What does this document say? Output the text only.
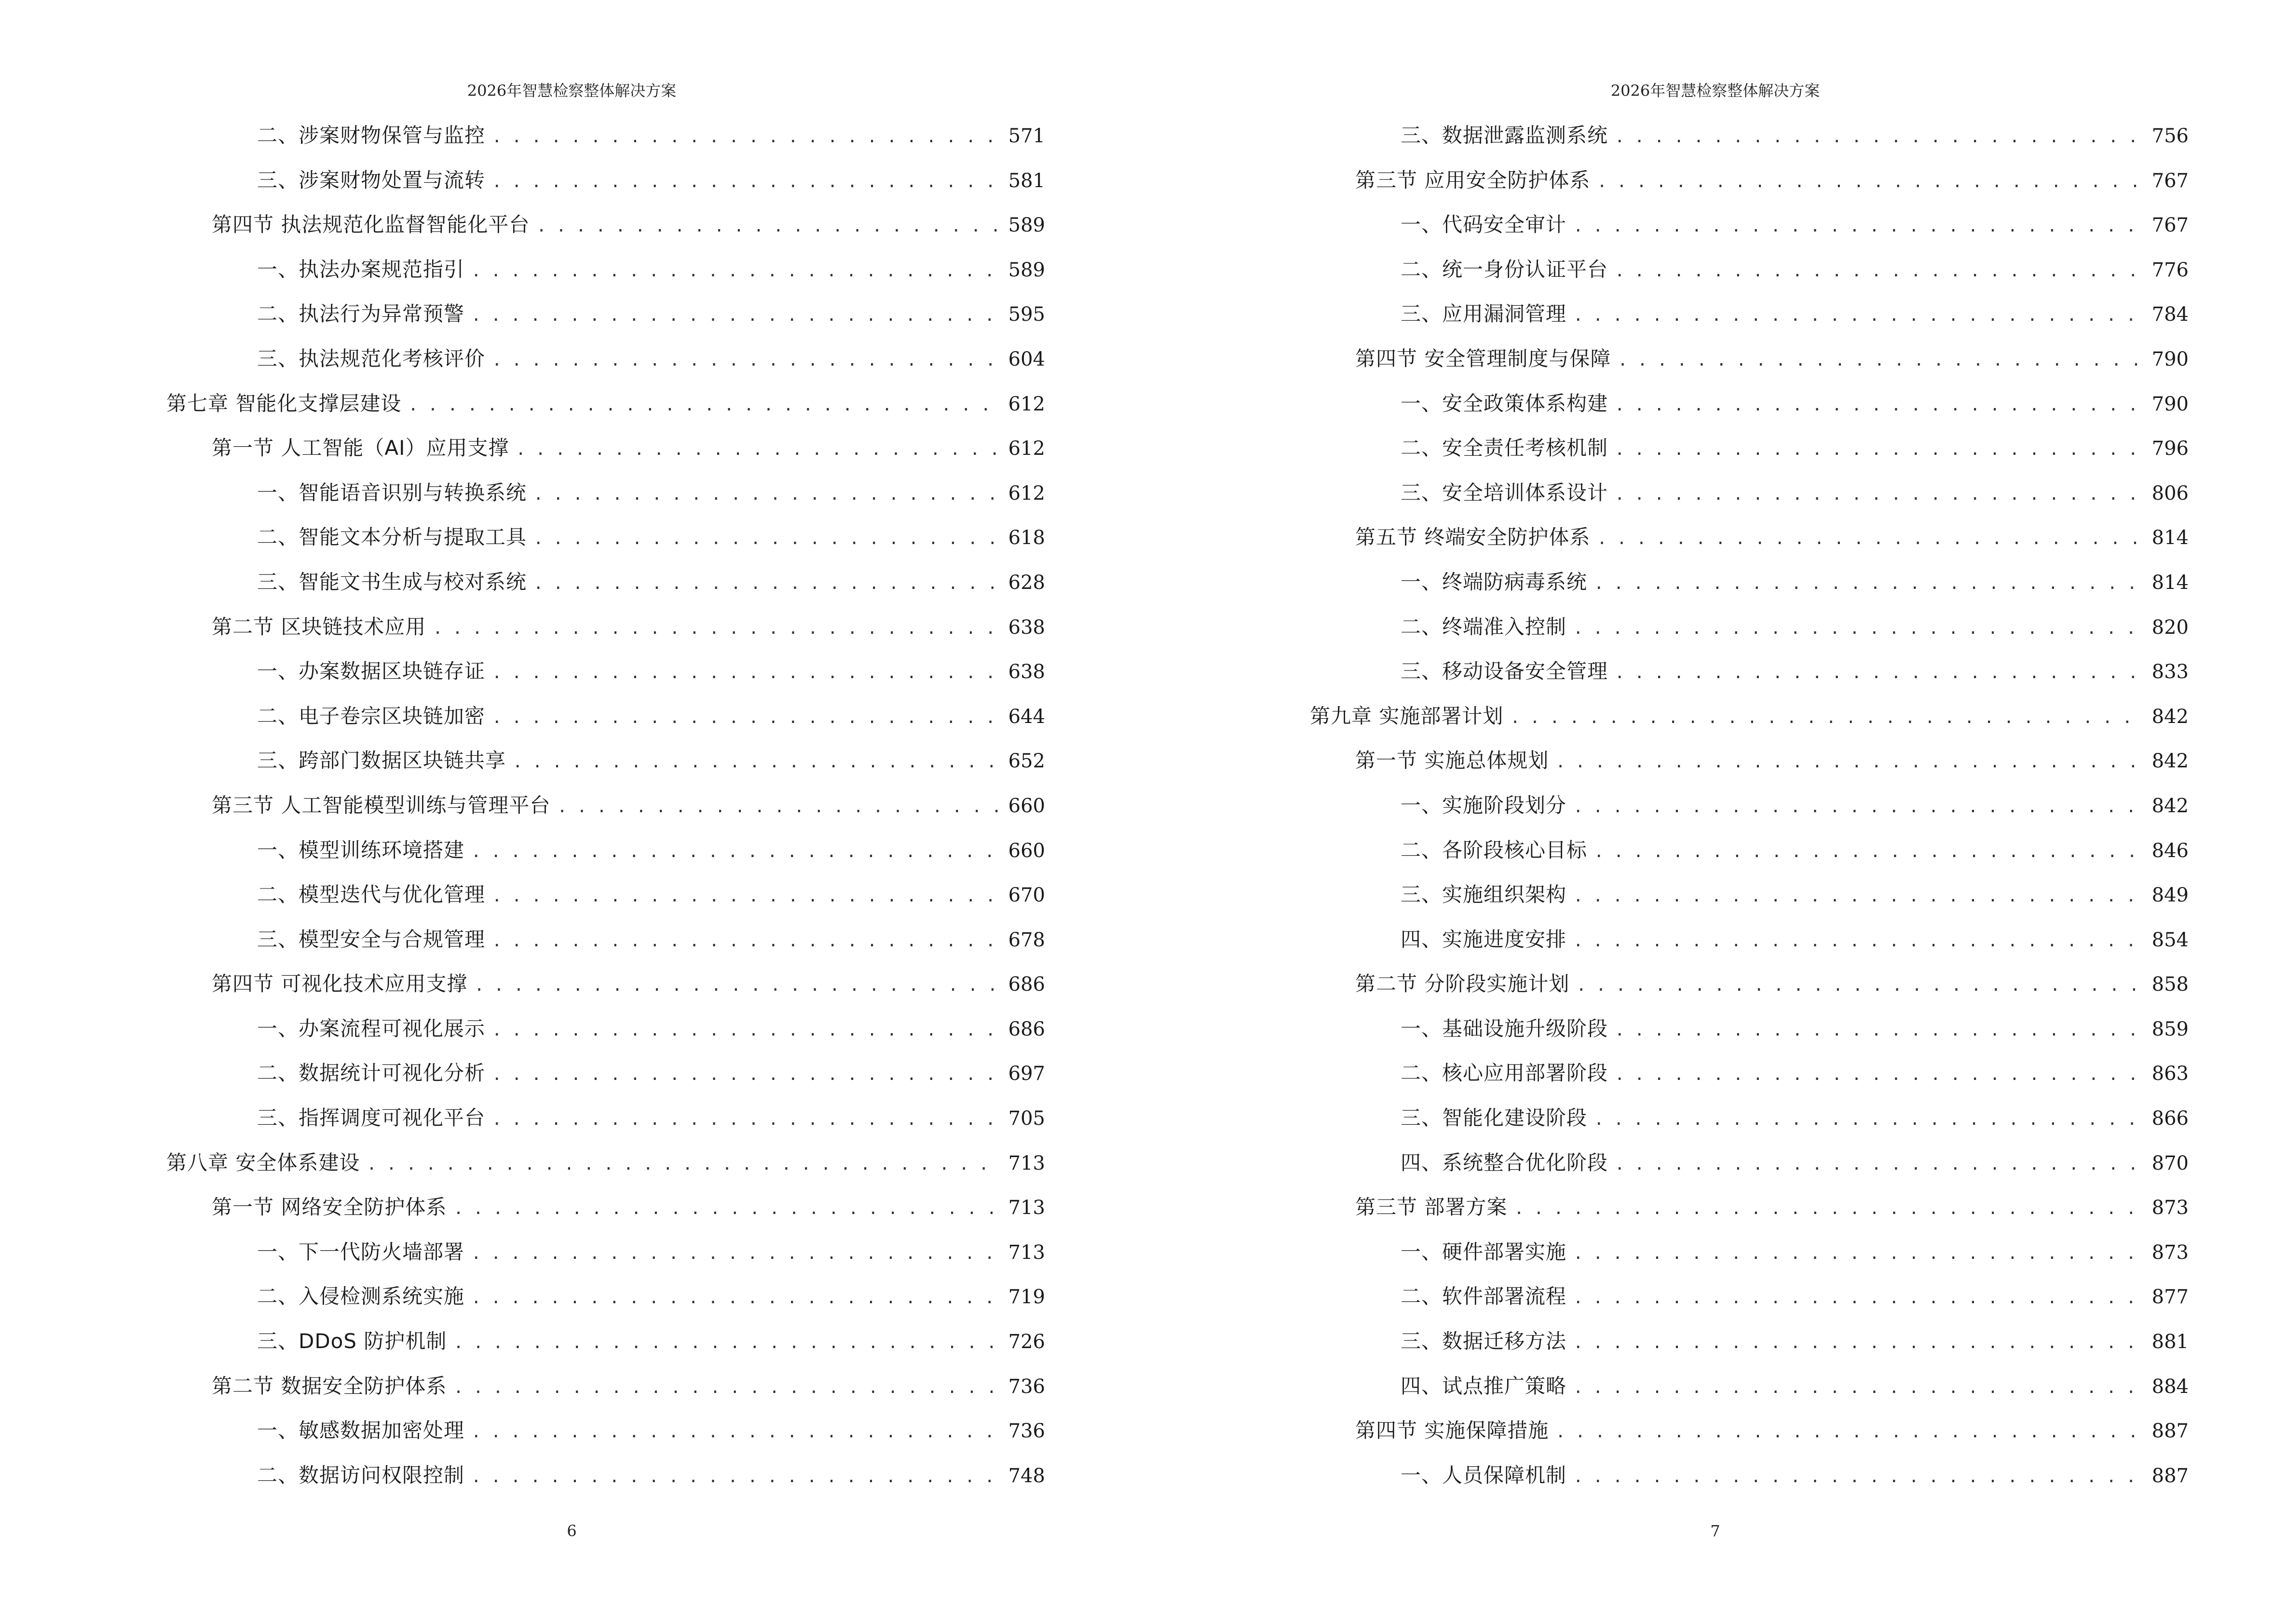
2026年智慧检察整体解决方案
二、涉案财物保管与监控 . . .	571
三、涉案财物处置与流转 . . .	581
第四节 执法规范化监督智能化平台 . . .	589
一、执法办案规范指引 . . .	589
二、执法行为异常预警 . . .	595
三、执法规范化考核评价 . . .	604
第七章 智能化支撑层建设 . . .	612
第一节 人工智能（AI）应用支撑 . . .	612
一、智能语音识别与转换系统 . . .	612
二、智能文本分析与提取工具 . . .	618
三、智能文书生成与校对系统 . . .	628
第二节 区块链技术应用 . . .	638
一、办案数据区块链存证 . . .	638
二、电子卷宗区块链加密 . . .	644
三、跨部门数据区块链共享 . . .	652
第三节 人工智能模型训练与管理平台 . . .	660
一、模型训练环境搭建 . . .	660
二、模型迭代与优化管理 . . .	670
三、模型安全与合规管理 . . .	678
第四节 可视化技术应用支撑 . . .	686
一、办案流程可视化展示 . . .	686
二、数据统计可视化分析 . . .	697
三、指挥调度可视化平台 . . .	705
第八章 安全体系建设 . . .	713
第一节 网络安全防护体系 . . .	713
一、下一代防火墙部署 . . .	713
二、入侵检测系统实施 . . .	719
三、DDoS 防护机制 . . .	726
第二节 数据安全防护体系 . . .	736
一、敏感数据加密处理 . . .	736
二、数据访问权限控制 . . .	748
6
2026年智慧检察整体解决方案
三、数据泄露监测系统 . . .	756
第三节 应用安全防护体系 . . .	767
一、代码安全审计 . . .	767
二、统一身份认证平台 . . .	776
三、应用漏洞管理 . . .	784
第四节 安全管理制度与保障 . . .	790
一、安全政策体系构建 . . .	790
二、安全责任考核机制 . . .	796
三、安全培训体系设计 . . .	806
第五节 终端安全防护体系 . . .	814
一、终端防病毒系统 . . .	814
二、终端准入控制 . . .	820
三、移动设备安全管理 . . .	833
第九章 实施部署计划 . . .	842
第一节 实施总体规划 . . .	842
一、实施阶段划分 . . .	842
二、各阶段核心目标 . . .	846
三、实施组织架构 . . .	849
四、实施进度安排 . . .	854
第二节 分阶段实施计划 . . .	858
一、基础设施升级阶段 . . .	859
二、核心应用部署阶段 . . .	863
三、智能化建设阶段 . . .	866
四、系统整合优化阶段 . . .	870
第三节 部署方案 . . .	873
一、硬件部署实施 . . .	873
二、软件部署流程 . . .	877
三、数据迁移方法 . . .	881
四、试点推广策略 . . .	884
第四节 实施保障措施 . . .	887
一、人员保障机制 . . .	887
7
